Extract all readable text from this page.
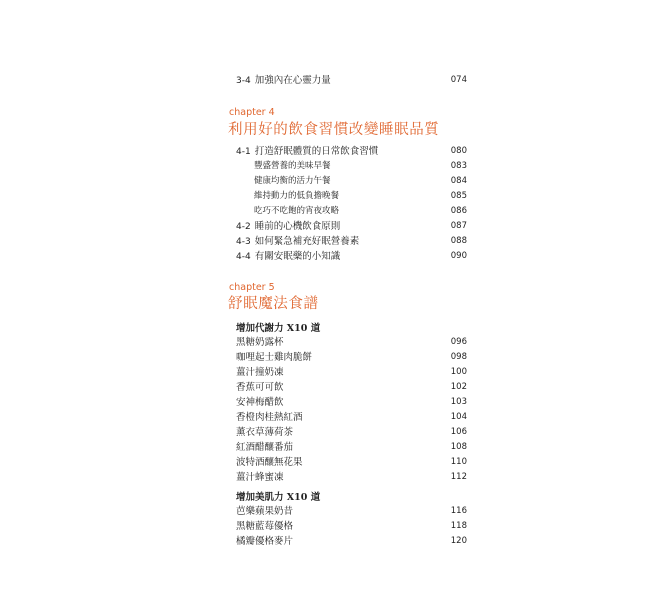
3-4 加強內在心靈力量	074
chapter 4
利用好的飲食習慣改變睡眠品質
4-1 打造舒眠體質的日常飲食習慣	080
豐盛營養的美味早餐	083
健康均衡的活力午餐	084
維持動力的低負擔晚餐	085
吃巧不吃飽的宵夜攻略	086
4-2 睡前的心機飲食原則	087
4-3 如何緊急補充好眠營養素	088
4-4 有關安眠藥的小知識	090
chapter 5
舒眠魔法食譜
增加代謝力 X10 道
黑糖奶露杯	096
咖哩起士雞肉脆餅	098
薑汁撞奶凍	100
香蕉可可飲	102
安神梅醋飲	103
香橙肉桂熱紅酒	104
薰衣草薄荷茶	106
紅酒醋釀番茄	108
波特酒釀無花果	110
薑汁蜂蜜凍	112
增加美肌力 X10 道
芭樂蘋果奶昔	116
黑糖藍莓優格	118
橘瓣優格麥片	120
